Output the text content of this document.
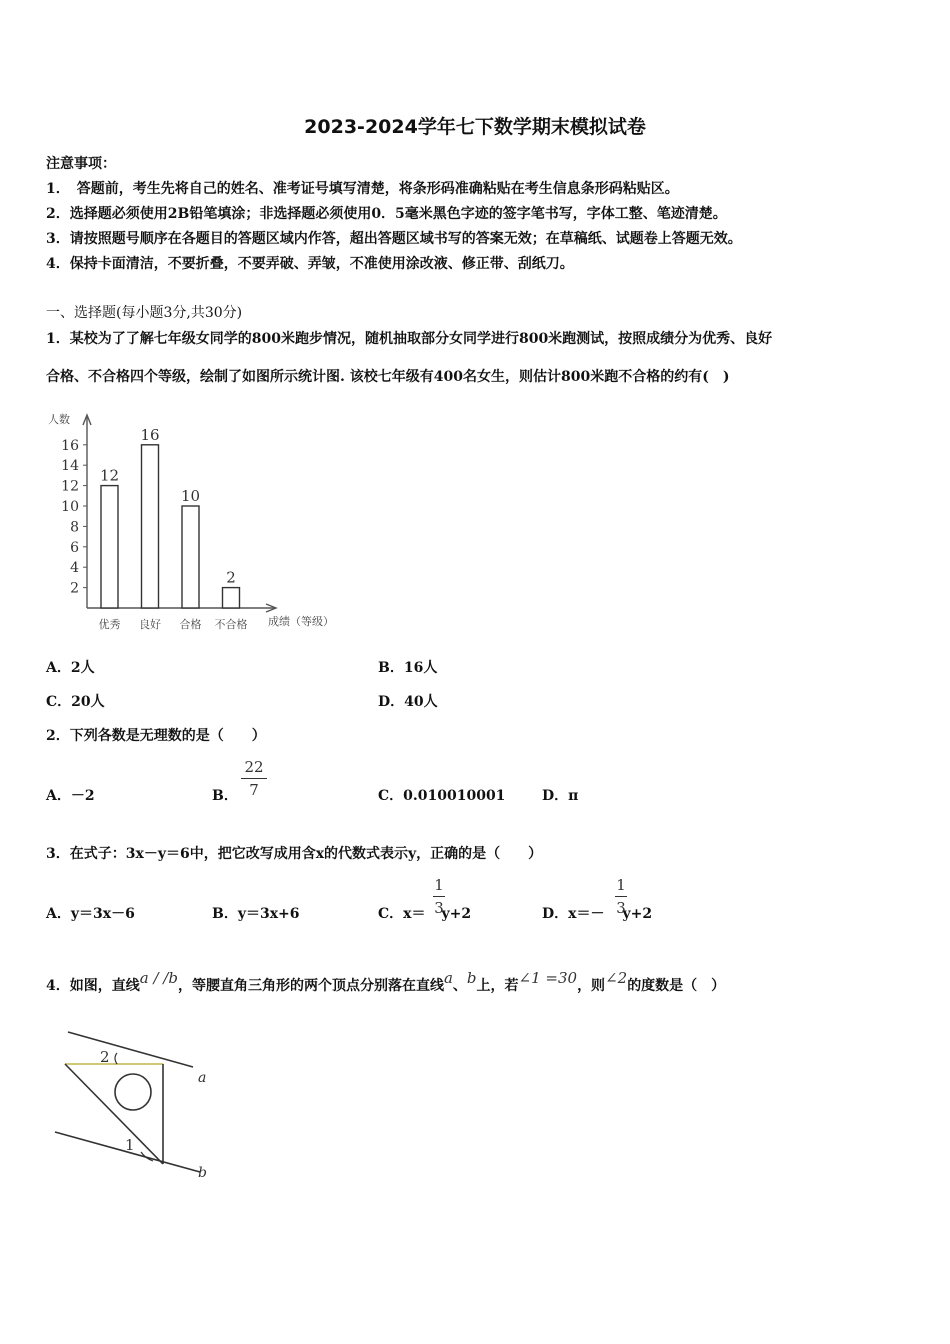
2023-2024学年七下数学期末模拟试卷
注意事项：
1．　答题前，考生先将自己的姓名、准考证号填写清楚，将条形码准确粘贴在考生信息条形码粘贴区。
2．选择题必须使用2B铅笔填涂；非选择题必须使用0．5毫米黑色字迹的签字笔书写，字体工整、笔迹清楚。
3．请按照题号顺序在各题目的答题区域内作答，超出答题区域书写的答案无效；在草稿纸、试题卷上答题无效。
4．保持卡面清洁，不要折叠，不要弄破、弄皱，不准使用涂改液、修正带、刮纸刀。
一、选择题(每小题3分,共30分)
1．某校为了了解七年级女同学的800米跑步情况，随机抽取部分女同学进行800米跑测试，按照成绩分为优秀、良好
合格、不合格四个等级，绘制了如图所示统计图. 该校七年级有400名女生，则估计800米跑不合格的约有(　)
人数
成绩（等级）
2
4
6
8
10
12
14
16
12
优秀
16
良好
10
合格
2
不合格
A．2人	B．16人
C．20人	D．40人
2．下列各数是无理数的是（　　）
A．－2	B．
22
7	C．0.010010001	D．π
3．在式子：3x－y＝6中，把它改写成用含x的代数式表示y，正确的是（　　）
A．y＝3x－6	B．y＝3x+6	C．x＝ y+2
1
3	D．x＝－ y+2
1
3
4．如图，直线a / /b，等腰直角三角形的两个顶点分别落在直线a、b上，若∠1 =30，则∠2的度数是（　）
2
1
a
b
